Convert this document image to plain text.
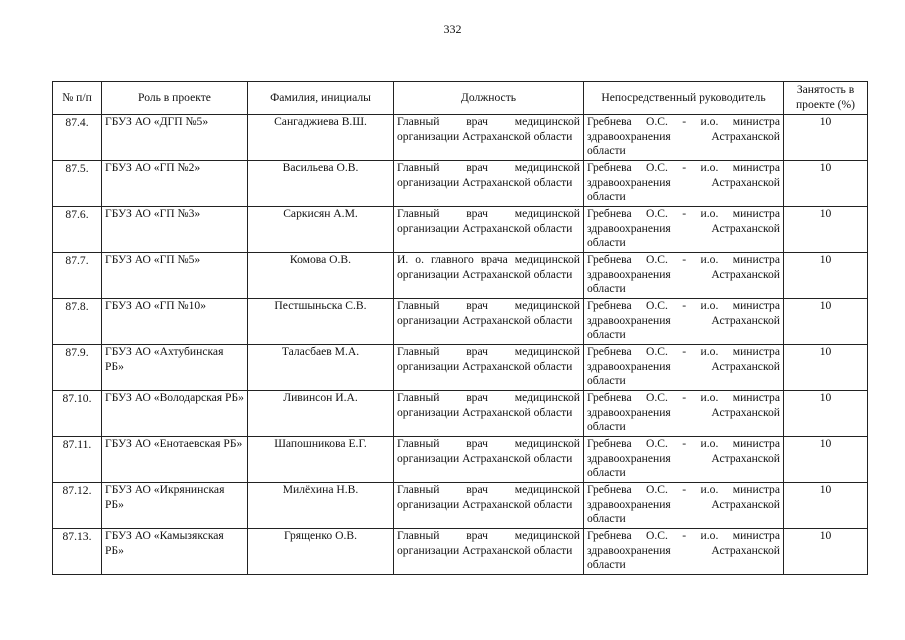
332
№ п/п	Роль в проекте	Фамилия, инициалы	Должность	Непосредственный руководитель	Занятость в проекте (%)
87.4.	ГБУЗ АО «ДГП №5»	Сангаджиева В.Ш.	Главный врач медицинской организации Астраханской области	Гребнева О.С. - и.о. министра здравоохранения Астраханской области	10
87.5.	ГБУЗ АО «ГП №2»	Васильева О.В.	Главный врач медицинской организации Астраханской области	Гребнева О.С. - и.о. министра здравоохранения Астраханской области	10
87.6.	ГБУЗ АО «ГП №3»	Саркисян А.М.	Главный врач медицинской организации Астраханской области	Гребнева О.С. - и.о. министра здравоохранения Астраханской области	10
87.7.	ГБУЗ АО «ГП №5»	Комова О.В.	И. о. главного врача медицинской организации Астраханской области	Гребнева О.С. - и.о. министра здравоохранения Астраханской области	10
87.8.	ГБУЗ АО «ГП №10»	Пестшыньска С.В.	Главный врач медицинской организации Астраханской области	Гребнева О.С. - и.о. министра здравоохранения Астраханской области	10
87.9.	ГБУЗ АО «Ахтубинская РБ»	Таласбаев М.А.	Главный врач медицинской организации Астраханской области	Гребнева О.С. - и.о. министра здравоохранения Астраханской области	10
87.10.	ГБУЗ АО «Володарская РБ»	Ливинсон И.А.	Главный врач медицинской организации Астраханской области	Гребнева О.С. - и.о. министра здравоохранения Астраханской области	10
87.11.	ГБУЗ АО «Енотаевская РБ»	Шапошникова Е.Г.	Главный врач медицинской организации Астраханской области	Гребнева О.С. - и.о. министра здравоохранения Астраханской области	10
87.12.	ГБУЗ АО «Икрянинская РБ»	Милёхина Н.В.	Главный врач медицинской организации Астраханской области	Гребнева О.С. - и.о. министра здравоохранения Астраханской области	10
87.13.	ГБУЗ АО «Камызякская РБ»	Грященко О.В.	Главный врач медицинской организации Астраханской области	Гребнева О.С. - и.о. министра здравоохранения Астраханской области	10
